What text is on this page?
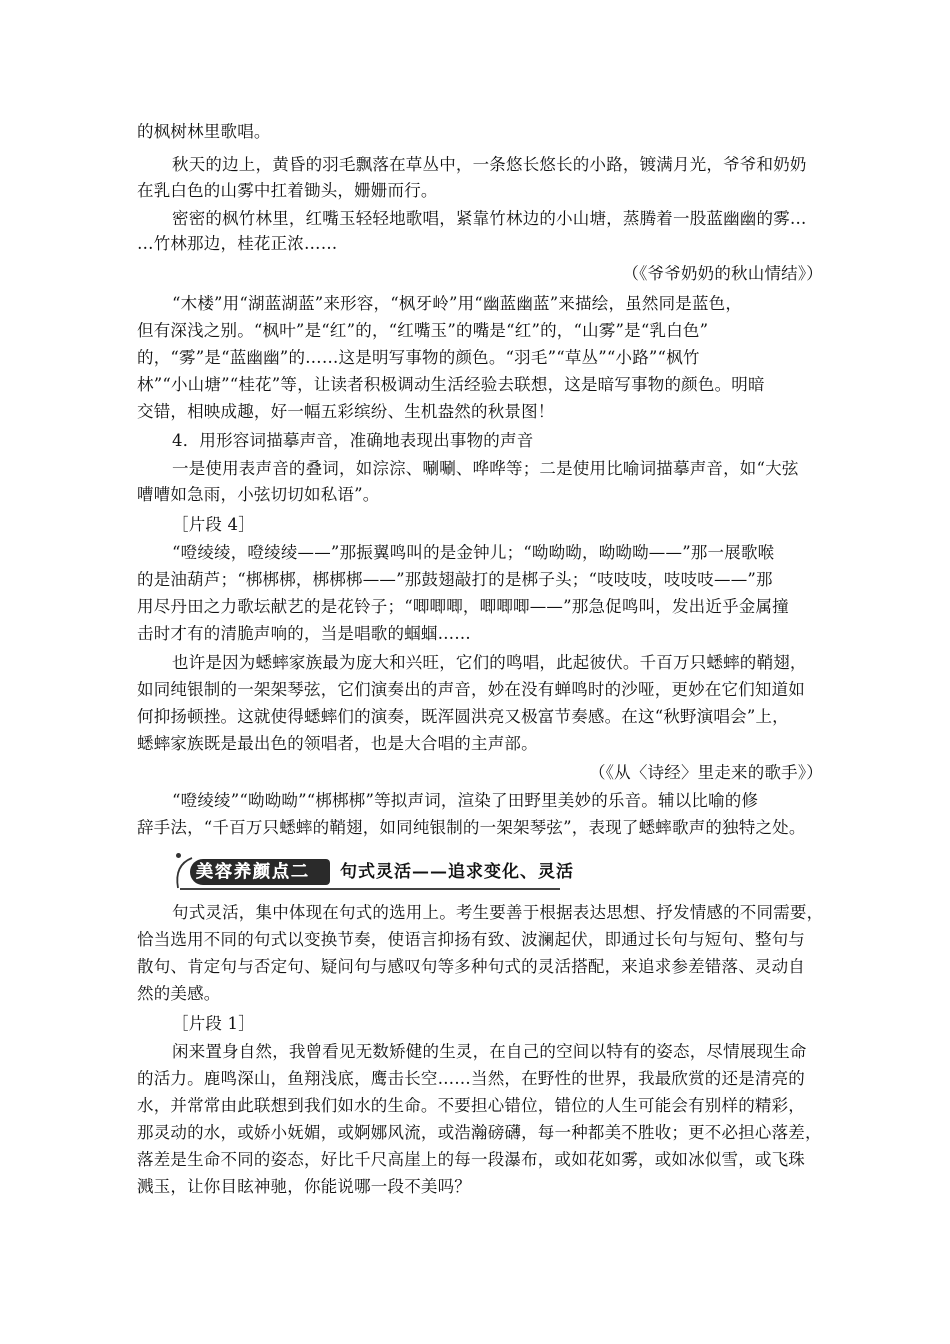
的枫树林里歌唱。
秋天的边上，黄昏的羽毛飘落在草丛中，一条悠长悠长的小路，镀满月光，爷爷和奶奶
在乳白色的山雾中扛着锄头，姗姗而行。
密密的枫竹林里，红嘴玉轻轻地歌唱，紧靠竹林边的小山塘，蒸腾着一股蓝幽幽的雾…
…竹林那边，桂花正浓……
（《爷爷奶奶的秋山情结》）
“木楼”用“湖蓝湖蓝”来形容，“枫牙岭”用“幽蓝幽蓝”来描绘，虽然同是蓝色，
但有深浅之别。“枫叶”是“红”的，“红嘴玉”的嘴是“红”的，“山雾”是“乳白色”
的，“雾”是“蓝幽幽”的……这是明写事物的颜色。“羽毛”“草丛”“小路”“枫竹
林”“小山塘”“桂花”等，让读者积极调动生活经验去联想，这是暗写事物的颜色。明暗
交错，相映成趣，好一幅五彩缤纷、生机盎然的秋景图！
4．用形容词描摹声音，准确地表现出事物的声音
一是使用表声音的叠词，如淙淙、唰唰、哗哗等；二是使用比喻词描摹声音，如“大弦
嘈嘈如急雨，小弦切切如私语”。
［片段 4］
“噔绫绫，噔绫绫——”那振翼鸣叫的是金钟儿；“呦呦呦，呦呦呦——”那一展歌喉
的是油葫芦；“梆梆梆，梆梆梆——”那鼓翅敲打的是梆子头；“吱吱吱，吱吱吱——”那
用尽丹田之力歌坛献艺的是花铃子；“唧唧唧，唧唧唧——”那急促鸣叫，发出近乎金属撞
击时才有的清脆声响的，当是唱歌的蝈蝈……
也许是因为蟋蟀家族最为庞大和兴旺，它们的鸣唱，此起彼伏。千百万只蟋蟀的鞘翅，
如同纯银制的一架架琴弦，它们演奏出的声音，妙在没有蝉鸣时的沙哑，更妙在它们知道如
何抑扬顿挫。这就使得蟋蟀们的演奏，既浑圆洪亮又极富节奏感。在这“秋野演唱会”上，
蟋蟀家族既是最出色的领唱者，也是大合唱的主声部。
（《从〈诗经〉里走来的歌手》）
“噔绫绫”“呦呦呦”“梆梆梆”等拟声词，渲染了田野里美妙的乐音。辅以比喻的修
辞手法，“千百万只蟋蟀的鞘翅，如同纯银制的一架架琴弦”，表现了蟋蟀歌声的独特之处。
美容养颜点二 句式灵活——追求变化、灵活
句式灵活，集中体现在句式的选用上。考生要善于根据表达思想、抒发情感的不同需要，
恰当选用不同的句式以变换节奏，使语言抑扬有致、波澜起伏，即通过长句与短句、整句与
散句、肯定句与否定句、疑问句与感叹句等多种句式的灵活搭配，来追求参差错落、灵动自
然的美感。
［片段 1］
闲来置身自然，我曾看见无数矫健的生灵，在自己的空间以特有的姿态，尽情展现生命
的活力。鹿鸣深山，鱼翔浅底，鹰击长空……当然，在野性的世界，我最欣赏的还是清亮的
水，并常常由此联想到我们如水的生命。不要担心错位，错位的人生可能会有别样的精彩，
那灵动的水，或娇小妩媚，或婀娜风流，或浩瀚磅礴，每一种都美不胜收；更不必担心落差，
落差是生命不同的姿态，好比千尺高崖上的每一段瀑布，或如花如雾，或如冰似雪，或飞珠
溅玉，让你目眩神驰，你能说哪一段不美吗？
